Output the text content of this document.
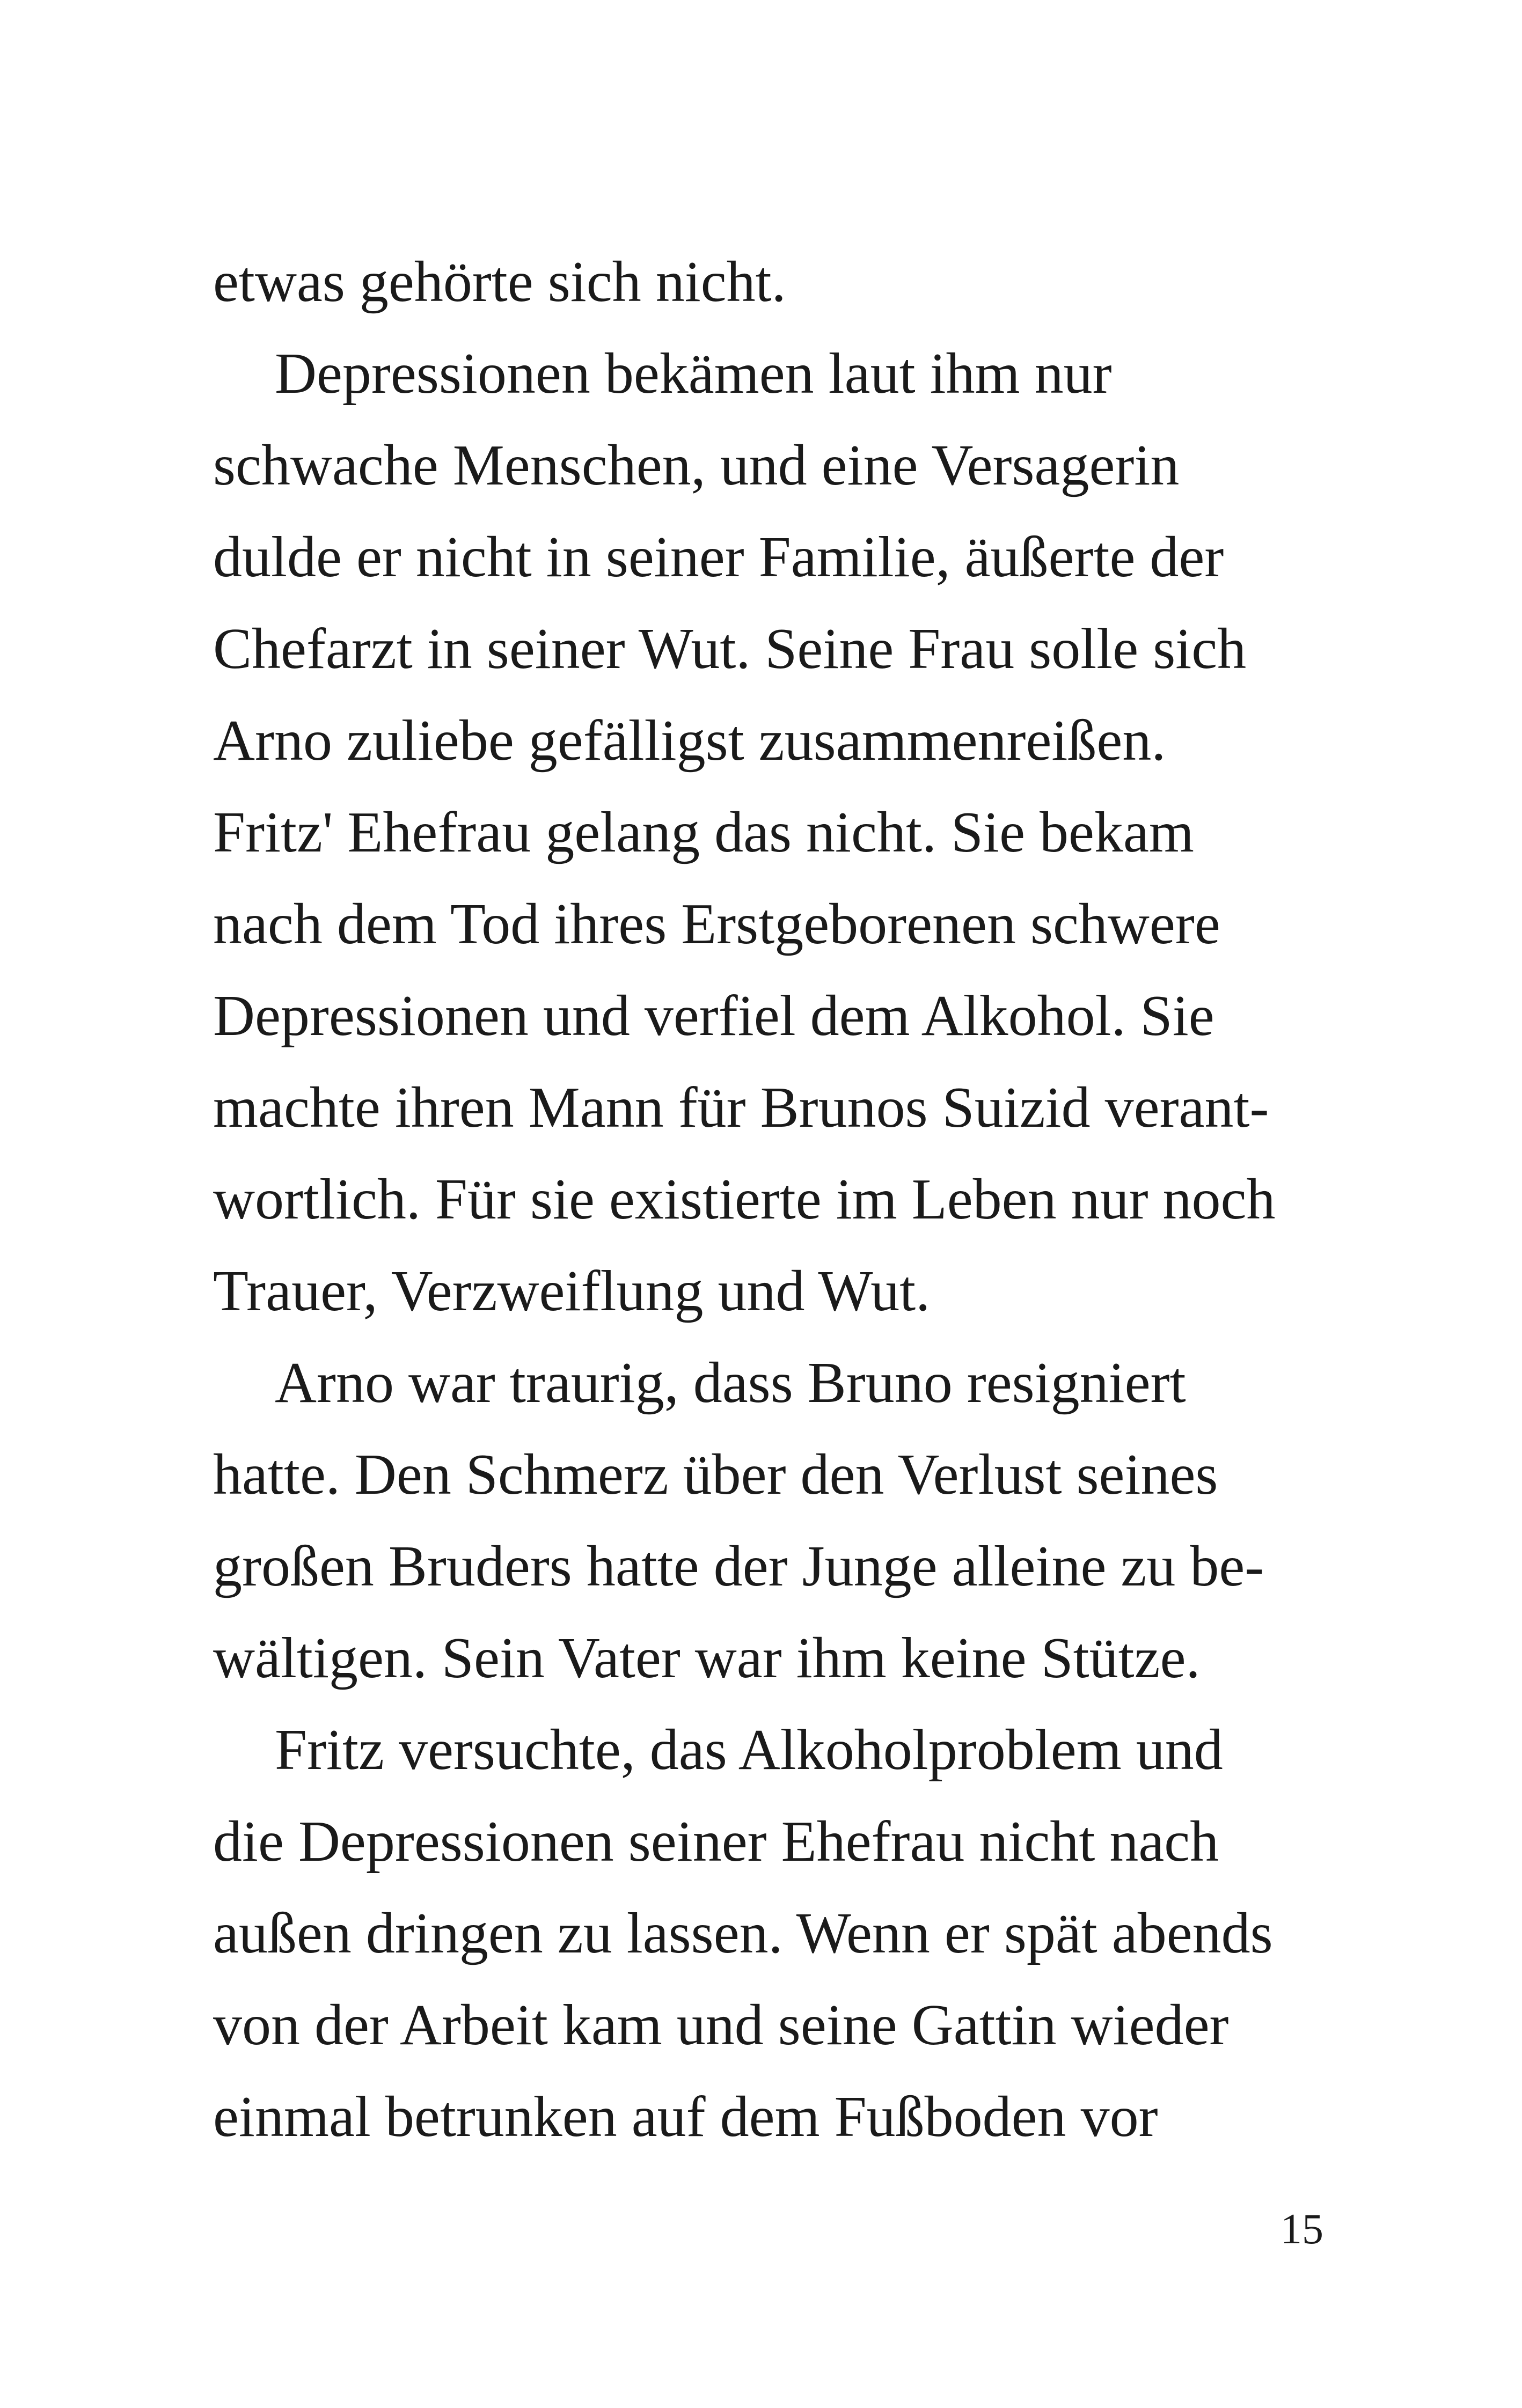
etwas gehörte sich nicht.
Depressionen bekämen laut ihm nur
schwache Menschen, und eine Versagerin
dulde er nicht in seiner Familie, äußerte der
Chefarzt in seiner Wut. Seine Frau solle sich
Arno zuliebe gefälligst zusammenreißen.
Fritz' Ehefrau gelang das nicht. Sie bekam
nach dem Tod ihres Erstgeborenen schwere
Depressionen und verfiel dem Alkohol. Sie
machte ihren Mann für Brunos Suizid verant-
wortlich. Für sie existierte im Leben nur noch
Trauer, Verzweiflung und Wut.
Arno war traurig, dass Bruno resigniert
hatte. Den Schmerz über den Verlust seines
großen Bruders hatte der Junge alleine zu be-
wältigen. Sein Vater war ihm keine Stütze.
Fritz versuchte, das Alkoholproblem und
die Depressionen seiner Ehefrau nicht nach
außen dringen zu lassen. Wenn er spät abends
von der Arbeit kam und seine Gattin wieder
einmal betrunken auf dem Fußboden vor
15
